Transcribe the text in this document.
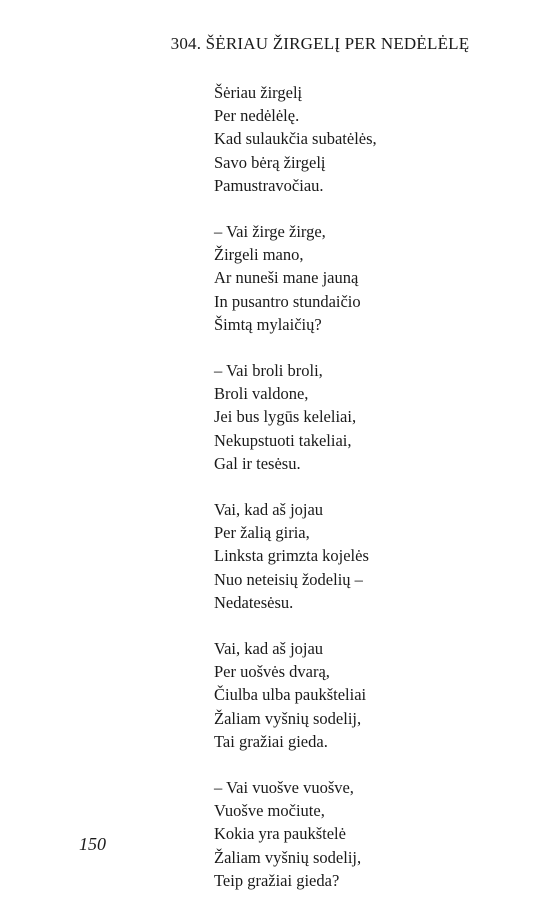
304. ŠĖRIAU ŽIRGELĮ PER NEDĖLĖLĘ
Šėriau žirgelį
Per nedėlėlę.
Kad sulaukčia subatėlės,
Savo bėrą žirgelį
Pamustravočiau.
– Vai žirge žirge,
Žirgeli mano,
Ar nuneši mane jauną
In pusantro stundaičio
Šimtą mylaičių?
– Vai broli broli,
Broli valdone,
Jei bus lygūs keleliai,
Nekupstuoti takeliai,
Gal ir tesėsu.
Vai, kad aš jojau
Per žalią giria,
Linksta grimzta kojelės
Nuo neteisių žodelių –
Nedatesėsu.
Vai, kad aš jojau
Per uošvės dvarą,
Čiulba ulba paukšteliai
Žaliam vyšnių sodelij,
Tai gražiai gieda.
– Vai vuošve vuošve,
Vuošve močiute,
Kokia yra paukštelė
Žaliam vyšnių sodelij,
Teip gražiai gieda?
150
